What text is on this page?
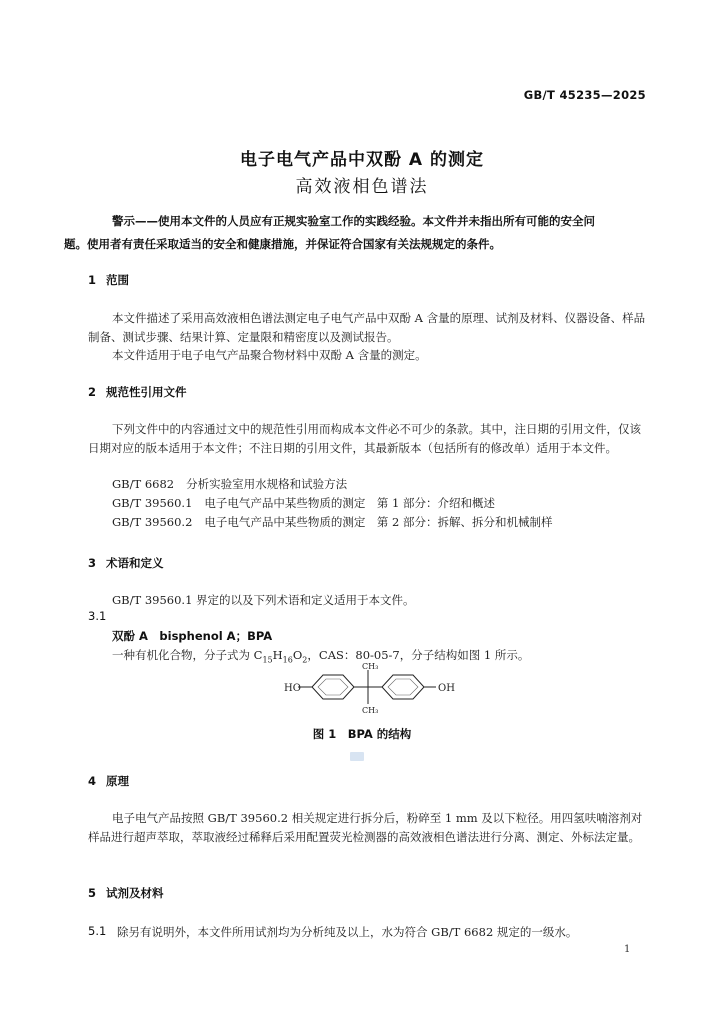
GB/T 45235—2025
电子电气产品中双酚 A 的测定
高效液相色谱法
警示——使用本文件的人员应有正规实验室工作的实践经验。本文件并未指出所有可能的安全问
题。使用者有责任采取适当的安全和健康措施，并保证符合国家有关法规规定的条件。
1 范围
本文件描述了采用高效液相色谱法测定电子电气产品中双酚 A 含量的原理、试剂及材料、仪器设备、样品制备、测试步骤、结果计算、定量限和精密度以及测试报告。
本文件适用于电子电气产品聚合物材料中双酚 A 含量的测定。
2 规范性引用文件
下列文件中的内容通过文中的规范性引用而构成本文件必不可少的条款。其中，注日期的引用文件，仅该日期对应的版本适用于本文件；不注日期的引用文件，其最新版本（包括所有的修改单）适用于本文件。
GB/T 6682 分析实验室用水规格和试验方法
GB/T 39560.1 电子电气产品中某些物质的测定　第 1 部分：介绍和概述
GB/T 39560.2 电子电气产品中某些物质的测定　第 2 部分：拆解、拆分和机械制样
3 术语和定义
GB/T 39560.1 界定的以及下列术语和定义适用于本文件。
3.1
双酚 A　bisphenol A；BPA
一种有机化合物，分子式为 $C_{15}H_{16}O_2$，CAS：80-05-7，分子结构如图 1 所示。
HO
CH₃
CH₃
OH
图 1　BPA 的结构
4 原理
电子电气产品按照 GB/T 39560.2 相关规定进行拆分后，粉碎至 1 mm 及以下粒径。用四氢呋喃溶剂对样品进行超声萃取，萃取液经过稀释后采用配置荧光检测器的高效液相色谱法进行分离、测定、外标法定量。
5 试剂及材料
5.1 除另有说明外，本文件所用试剂均为分析纯及以上，水为符合 GB/T 6682 规定的一级水。
1
